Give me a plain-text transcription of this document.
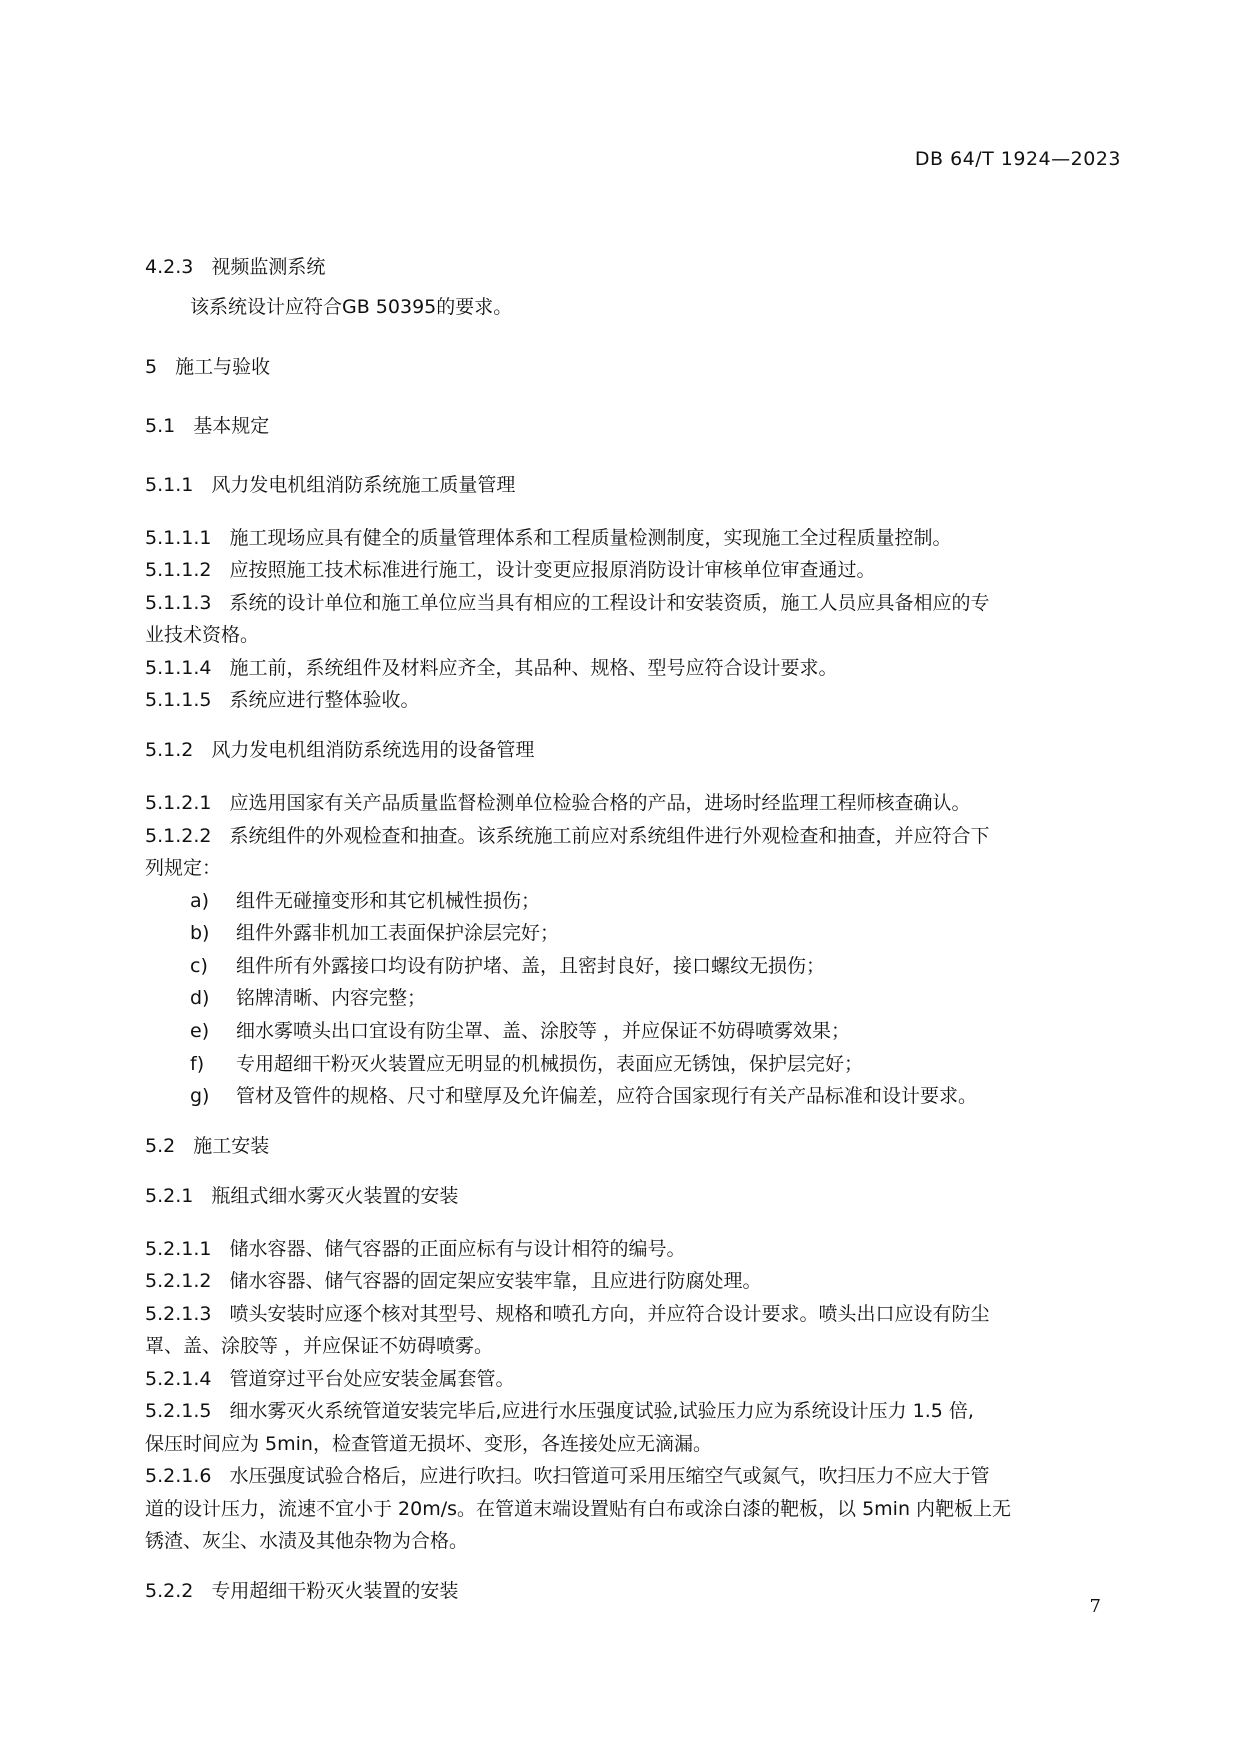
DB 64/T 1924—2023
4.2.3 视频监测系统
该系统设计应符合GB 50395的要求。
5 施工与验收
5.1 基本规定
5.1.1 风力发电机组消防系统施工质量管理
5.1.1.1 施工现场应具有健全的质量管理体系和工程质量检测制度，实现施工全过程质量控制。
5.1.1.2 应按照施工技术标准进行施工，设计变更应报原消防设计审核单位审查通过。
5.1.1.3 系统的设计单位和施工单位应当具有相应的工程设计和安装资质，施工人员应具备相应的专
业技术资格。
5.1.1.4 施工前，系统组件及材料应齐全，其品种、规格、型号应符合设计要求。
5.1.1.5 系统应进行整体验收。
5.1.2 风力发电机组消防系统选用的设备管理
5.1.2.1 应选用国家有关产品质量监督检测单位检验合格的产品，进场时经监理工程师核查确认。
5.1.2.2 系统组件的外观检查和抽查。该系统施工前应对系统组件进行外观检查和抽查，并应符合下
列规定：
a) 组件无碰撞变形和其它机械性损伤；
b) 组件外露非机加工表面保护涂层完好；
c) 组件所有外露接口均设有防护堵、盖，且密封良好，接口螺纹无损伤；
d) 铭牌清晰、内容完整；
e) 细水雾喷头出口宜设有防尘罩、盖、涂胶等 ，并应保证不妨碍喷雾效果；
f) 专用超细干粉灭火装置应无明显的机械损伤，表面应无锈蚀，保护层完好；
g) 管材及管件的规格、尺寸和壁厚及允许偏差，应符合国家现行有关产品标准和设计要求。
5.2 施工安装
5.2.1 瓶组式细水雾灭火装置的安装
5.2.1.1 储水容器、储气容器的正面应标有与设计相符的编号。
5.2.1.2 储水容器、储气容器的固定架应安装牢靠，且应进行防腐处理。
5.2.1.3 喷头安装时应逐个核对其型号、规格和喷孔方向，并应符合设计要求。喷头出口应设有防尘
罩、盖、涂胶等 ，并应保证不妨碍喷雾。
5.2.1.4 管道穿过平台处应安装金属套管。
5.2.1.5 细水雾灭火系统管道安装完毕后,应进行水压强度试验,试验压力应为系统设计压力 1.5 倍,
保压时间应为 5min，检查管道无损坏、变形，各连接处应无滴漏。
5.2.1.6 水压强度试验合格后，应进行吹扫。吹扫管道可采用压缩空气或氮气，吹扫压力不应大于管
道的设计压力，流速不宜小于 20m/s。在管道末端设置贴有白布或涂白漆的靶板，以 5min 内靶板上无
锈渣、灰尘、水渍及其他杂物为合格。
5.2.2 专用超细干粉灭火装置的安装
7
